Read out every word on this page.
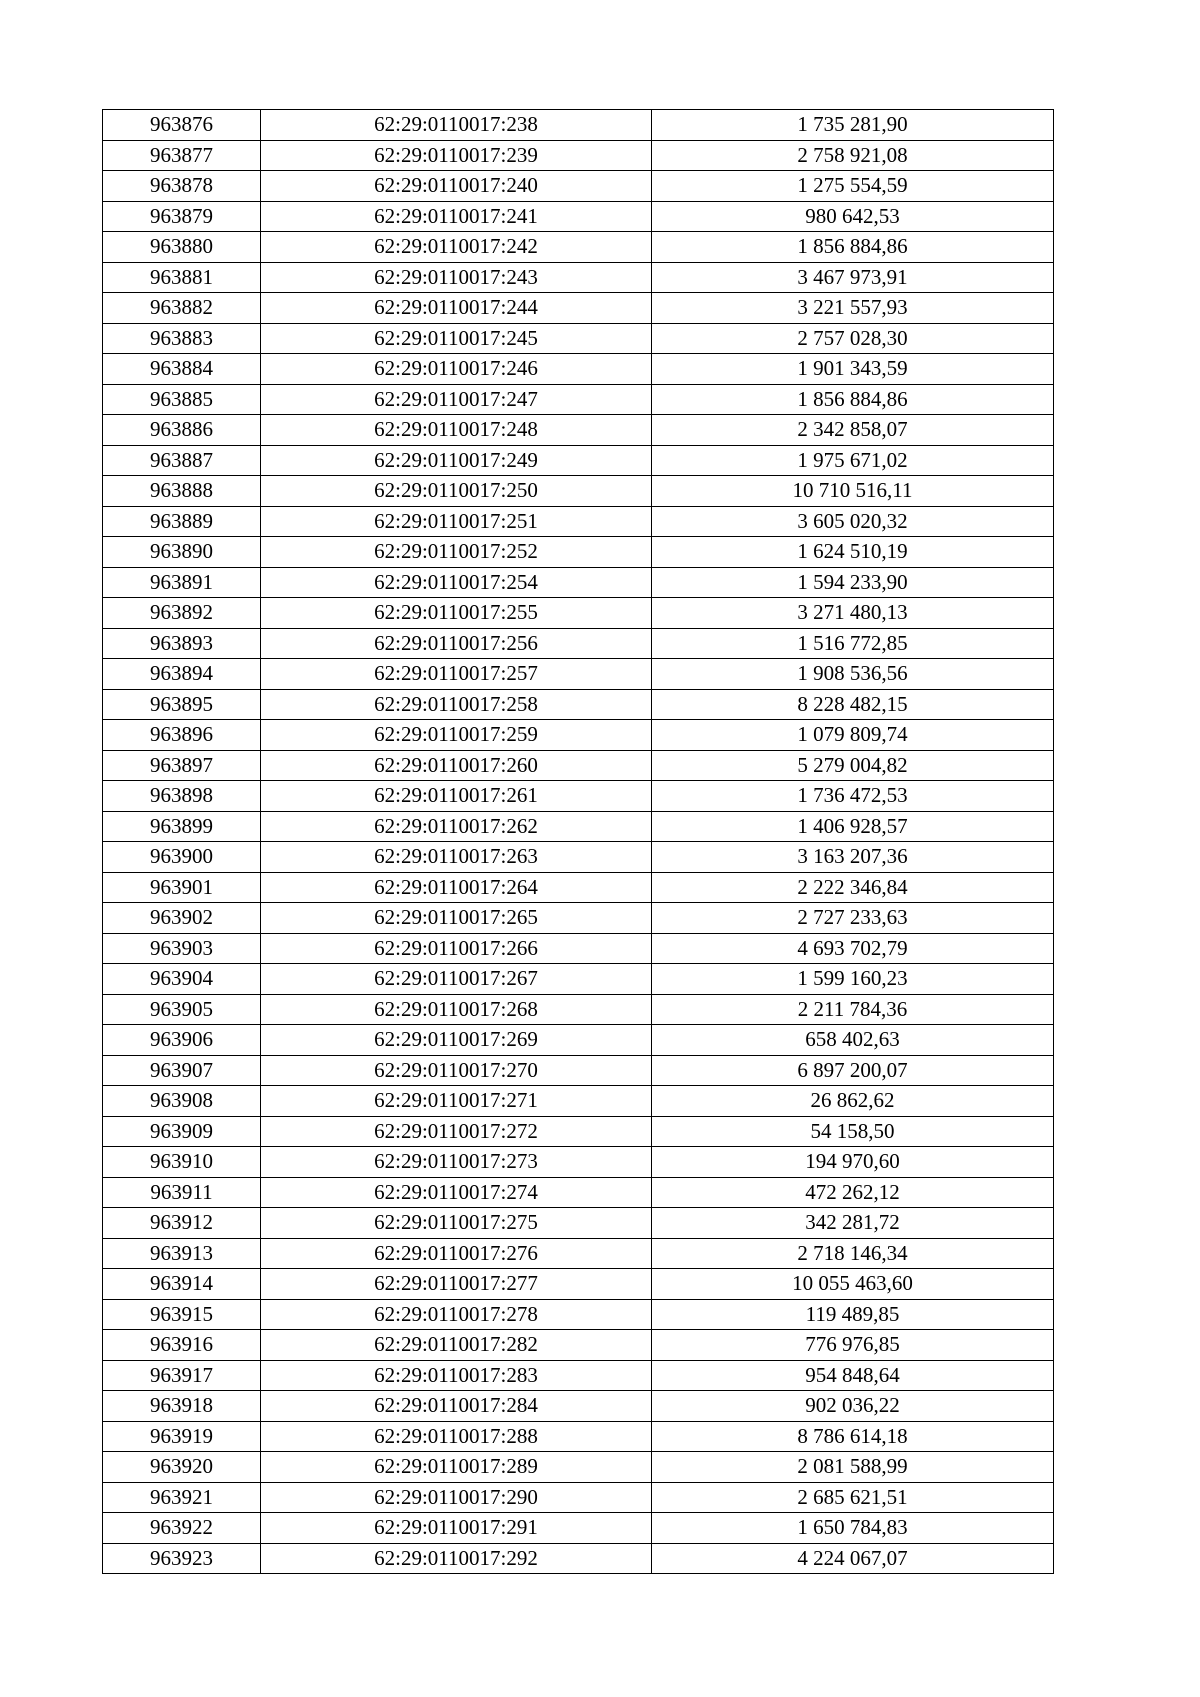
963876	62:29:0110017:238	1 735 281,90
963877	62:29:0110017:239	2 758 921,08
963878	62:29:0110017:240	1 275 554,59
963879	62:29:0110017:241	980 642,53
963880	62:29:0110017:242	1 856 884,86
963881	62:29:0110017:243	3 467 973,91
963882	62:29:0110017:244	3 221 557,93
963883	62:29:0110017:245	2 757 028,30
963884	62:29:0110017:246	1 901 343,59
963885	62:29:0110017:247	1 856 884,86
963886	62:29:0110017:248	2 342 858,07
963887	62:29:0110017:249	1 975 671,02
963888	62:29:0110017:250	10 710 516,11
963889	62:29:0110017:251	3 605 020,32
963890	62:29:0110017:252	1 624 510,19
963891	62:29:0110017:254	1 594 233,90
963892	62:29:0110017:255	3 271 480,13
963893	62:29:0110017:256	1 516 772,85
963894	62:29:0110017:257	1 908 536,56
963895	62:29:0110017:258	8 228 482,15
963896	62:29:0110017:259	1 079 809,74
963897	62:29:0110017:260	5 279 004,82
963898	62:29:0110017:261	1 736 472,53
963899	62:29:0110017:262	1 406 928,57
963900	62:29:0110017:263	3 163 207,36
963901	62:29:0110017:264	2 222 346,84
963902	62:29:0110017:265	2 727 233,63
963903	62:29:0110017:266	4 693 702,79
963904	62:29:0110017:267	1 599 160,23
963905	62:29:0110017:268	2 211 784,36
963906	62:29:0110017:269	658 402,63
963907	62:29:0110017:270	6 897 200,07
963908	62:29:0110017:271	26 862,62
963909	62:29:0110017:272	54 158,50
963910	62:29:0110017:273	194 970,60
963911	62:29:0110017:274	472 262,12
963912	62:29:0110017:275	342 281,72
963913	62:29:0110017:276	2 718 146,34
963914	62:29:0110017:277	10 055 463,60
963915	62:29:0110017:278	119 489,85
963916	62:29:0110017:282	776 976,85
963917	62:29:0110017:283	954 848,64
963918	62:29:0110017:284	902 036,22
963919	62:29:0110017:288	8 786 614,18
963920	62:29:0110017:289	2 081 588,99
963921	62:29:0110017:290	2 685 621,51
963922	62:29:0110017:291	1 650 784,83
963923	62:29:0110017:292	4 224 067,07
